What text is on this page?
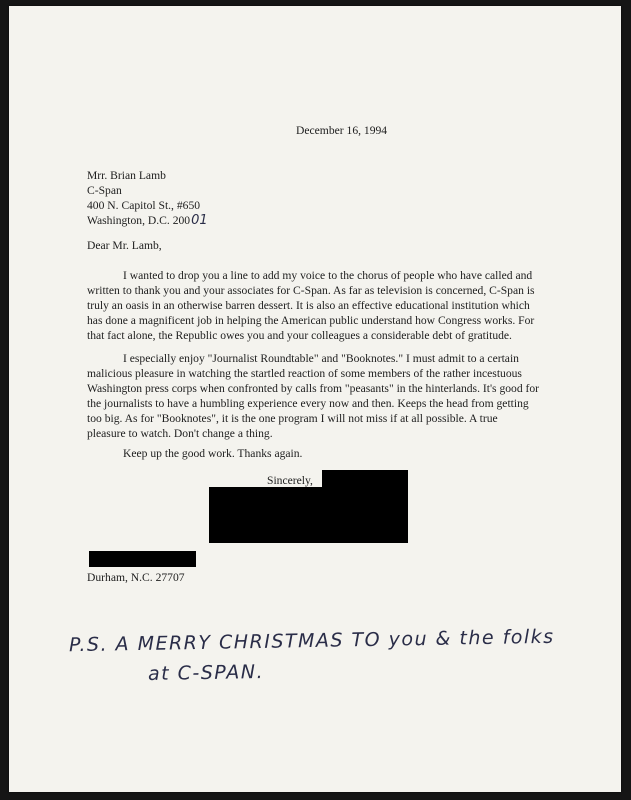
December 16, 1994
Mrr. Brian Lamb
C-Span
400 N. Capitol St., #650
Washington, D.C. 20001
Dear Mr. Lamb,
I wanted to drop you a line to add my voice to the chorus of people who have called and
written to thank you and your associates for C-Span. As far as television is concerned, C-Span is
truly an oasis in an otherwise barren dessert. It is also an effective educational institution which
has done a magnificent job in helping the American public understand how Congress works. For
that fact alone, the Republic owes you and your colleagues a considerable debt of gratitude.
I especially enjoy "Journalist Roundtable" and "Booknotes." I must admit to a certain
malicious pleasure in watching the startled reaction of some members of the rather incestuous
Washington press corps when confronted by calls from "peasants" in the hinterlands. It's good for
the journalists to have a humbling experience every now and then. Keeps the head from getting
too big. As for "Booknotes", it is the one program I will not miss if at all possible. A true
pleasure to watch. Don't change a thing.
Keep up the good work. Thanks again.
Sincerely,
Durham, N.C. 27707
P.S. A MERRY CHRISTMAS TO you & the folks
at C-SPAN.
